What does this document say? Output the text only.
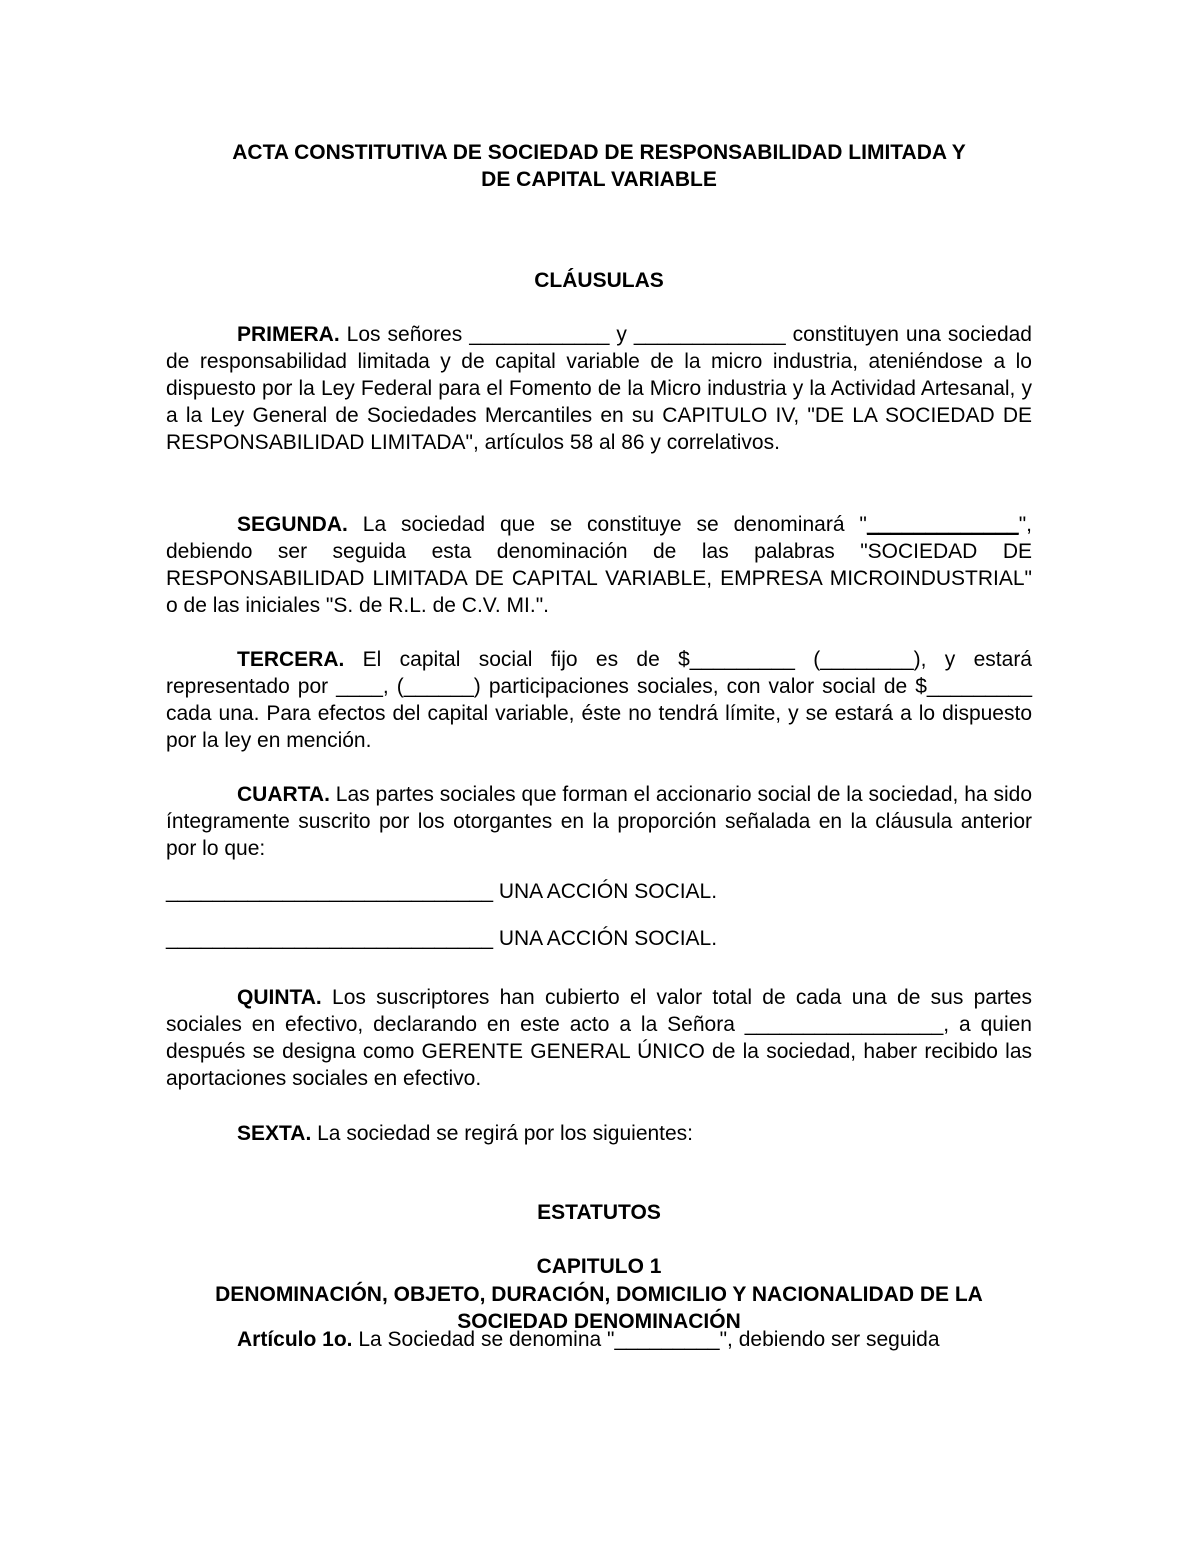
ACTA CONSTITUTIVA DE SOCIEDAD DE RESPONSABILIDAD LIMITADA Y
DE CAPITAL VARIABLE
CLÁUSULAS

PRIMERA. Los señores ____________ y _____________ constituyen una sociedad de responsabilidad limitada y de capital variable de la micro industria, ateniéndose a lo dispuesto por la Ley Federal para el Fomento de la Micro industria y la Actividad Artesanal, y a la Ley General de Sociedades Mercantiles en su CAPITULO IV, "DE LA SOCIEDAD DE RESPONSABILIDAD LIMITADA", artículos 58 al 86 y correlativos.

SEGUNDA. La sociedad que se constituye se denominará "_____________", debiendo ser seguida esta denominación de las palabras "SOCIEDAD DE RESPONSABILIDAD LIMITADA DE CAPITAL VARIABLE, EMPRESA MICROINDUSTRIAL" o de las iniciales "S. de R.L. de C.V. MI.".

TERCERA. El capital social fijo es de $_________ (________), y estará representado por ____, (______) participaciones sociales, con valor social de $_________ cada una. Para efectos del capital variable, éste no tendrá límite, y se estará a lo dispuesto por la ley en mención.

CUARTA. Las partes sociales que forman el accionario social de la sociedad, ha sido íntegramente suscrito por los otorgantes en la proporción señalada en la cláusula anterior por lo que:

____________________________ UNA ACCIÓN SOCIAL.
____________________________ UNA ACCIÓN SOCIAL.

QUINTA. Los suscriptores han cubierto el valor total de cada una de sus partes sociales en efectivo, declarando en este acto a la Señora _________________, a quien después se designa como GERENTE GENERAL ÚNICO de la sociedad, haber recibido las aportaciones sociales en efectivo.

SEXTA. La sociedad se regirá por los siguientes:

ESTATUTOS
CAPITULO 1
DENOMINACIÓN, OBJETO, DURACIÓN, DOMICILIO Y NACIONALIDAD DE LA
SOCIEDAD DENOMINACIÓN

Artículo 1o. La Sociedad se denomina "_________", debiendo ser seguida
